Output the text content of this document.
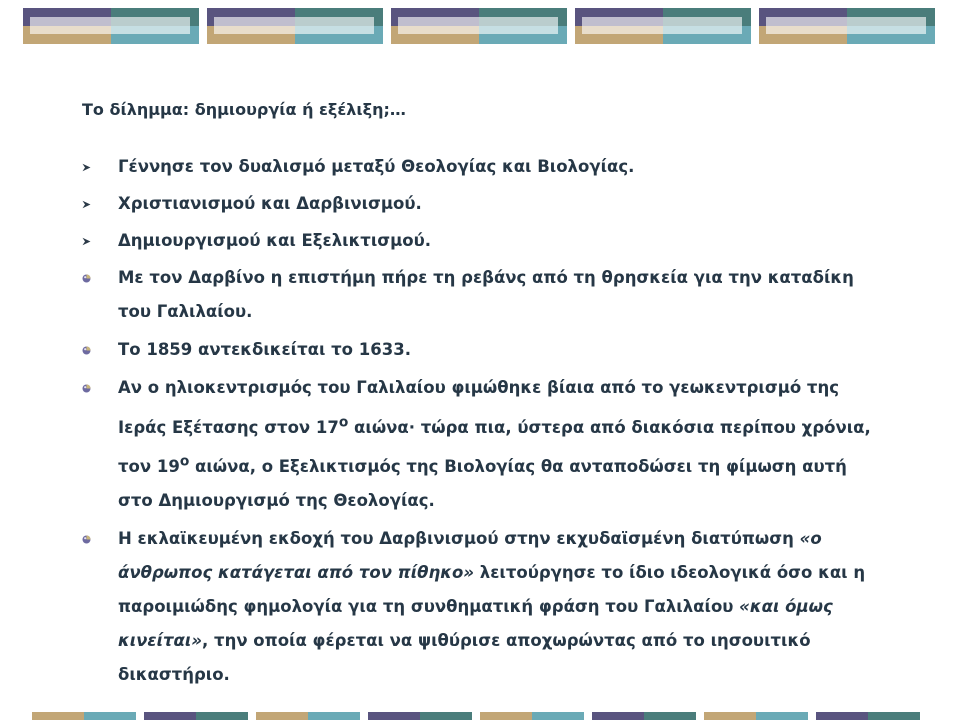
Το δίλημμα: δημιουργία ή εξέλιξη;…
Γέννησε τον δυαλισμό μεταξύ Θεολογίας και Βιολογίας.
Χριστιανισμού και Δαρβινισμού.
Δημιουργισμού και Εξελικτισμού.
Με τον Δαρβίνο η επιστήμη πήρε τη ρεβάνς από τη θρησκεία για την καταδίκη του Γαλιλαίου.
Το 1859 αντεκδικείται το 1633.
Αν ο ηλιοκεντρισμός του Γαλιλαίου φιμώθηκε βίαια από το γεωκεντρισμό της Ιεράς Εξέτασης στον $17^o$ αιώνα· τώρα πια, ύστερα από διακόσια περίπου χρόνια, τον $19^o$ αιώνα, ο Εξελικτισμός της Βιολογίας θα ανταποδώσει τη φίμωση αυτή στο Δημιουργισμό της Θεολογίας.
Η εκλαϊκευμένη εκδοχή του Δαρβινισμού στην εκχυδαϊσμένη διατύπωση «ο άνθρωπος κατάγεται από τον πίθηκο» λειτούργησε το ίδιο ιδεολογικά όσο και η παροιμιώδης φημολογία για τη συνθηματική φράση του Γαλιλαίου «και όμως κινείται», την οποία φέρεται να ψιθύρισε αποχωρώντας από το ιησουιτικό δικαστήριο.
